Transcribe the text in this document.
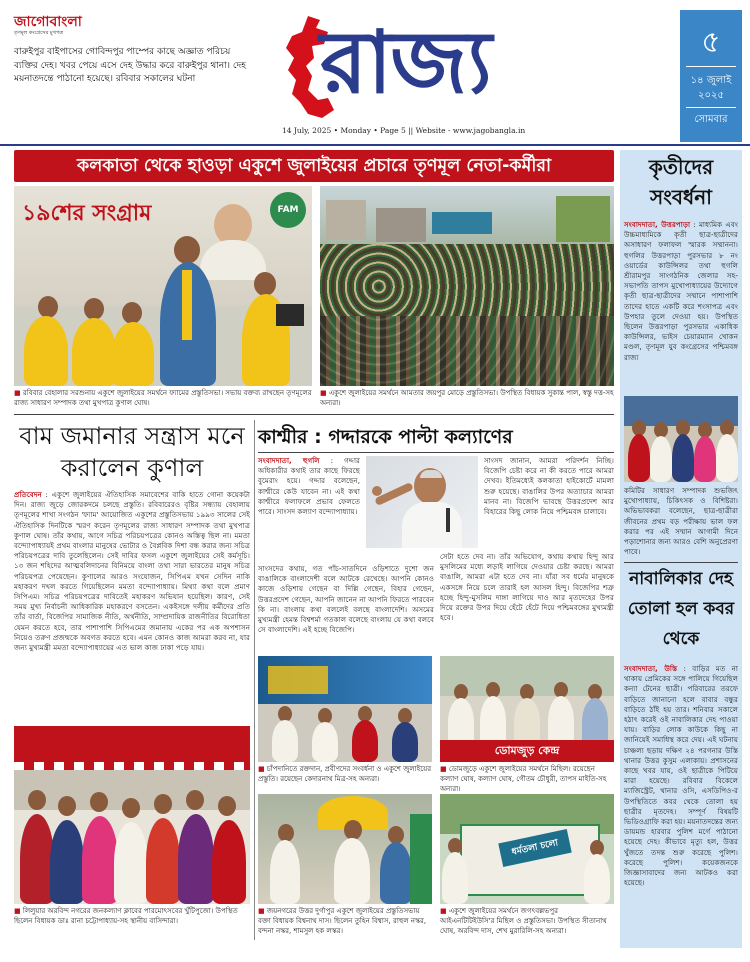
জাগোবাংলা
তৃণমূল কংগ্রেসের মুখপত্র
বারুইপুর বাইপাসের গোবিন্দপুর পাম্পের কাছে অজ্ঞাত পরিচয় ব্যক্তির দেহ। খবর পেয়ে এসে দেহ উদ্ধার করে বারুইপুর থানা। দেহ ময়নাতদন্তে পাঠানো হয়েছে। রবিবার সকালের ঘটনা	রাজ্য
14 July, 2025 • Monday • Page 5 || Website - www.jagobangla.in
৫
১৪ জুলাই
২০২৫
সোমবার
কলকাতা থেকে হাওড়া একুশে জুলাইয়ের প্রচারে তৃণমূল নেতা-কর্মীরা
১৯শের সংগ্রাম	FAM
■ রবিবার বেহালার সরশুনায় একুশে জুলাইয়ের সমর্থনে ফ্যামের প্রস্তুতিসভা। সভায় বক্তব্য রাখছেন তৃণমূলের রাজ্য সাধারণ সম্পাদক তথা মুখপাত্র কুণাল ঘোষ।
■ একুশে জুলাইয়ের সমর্থনে আমতার জয়পুর মোড়ে প্রস্তুতিসভা। উপস্থিত বিধায়ক সুকান্ত পাল, স্বস্তু দত্ত-সহ অন্যরা।
বাম জমানার সন্ত্রাস মনে করালেন কুণাল
প্রতিবেদন : একুশে জুলাইয়ের ঐতিহাসিক সমাবেশের বাকি হাতে গোনা কয়েকটা দিন। রাজ্য জুড়ে জোরকদমে চলছে প্রস্তুতি। রবিবারেরও বৃষ্টির সন্ধ্যায় বেহালায় তৃণমূলের শাখা সংগঠন 'ফ্যাম' আয়োজিত একুশের প্রস্তুতিসভায় ১৯৯৩ সালের সেই ঐতিহাসিক দিনটিকে স্মরণ করেন তৃণমূলের রাজ্য সাধারণ সম্পাদক তথা মুখপাত্র কুণাল ঘোষ। তাঁর কথায়, আগে সচিত্র পরিচয়পত্রের কোনও অস্তিত্ব ছিল না। মমতা বন্দ্যোপাধ্যায়ই প্রথম বাংলার মানুষের ভোটার ও বৈপ্লবিক দিশা বন্ধ করার জন্য সচিত্র পরিচয়পত্রের দাবি তুলেছিলেন। সেই দাবির ফসল একুশে জুলাইয়ের সেই কর্মসূচি। ১৩ জন শহিদের আত্মবলিদানের বিনিময়ে বাংলা তথা সারা ভারতের মানুষ সচিত্র পরিচয়পত্র পেয়েছেন। কুণালের আরও সংযোজন, সিপিএম যখন সেদিন নাকি মহাকরণ দখল করতে গিয়েছিলেন মমতা বন্দ্যোপাধ্যায়। মিথ্যা কথা বলে প্রমাণ সিপিএম। সচিত্র পরিচয়পত্রের দাবিতেই মহাকরণ অভিযান হয়েছিল। কারণ, সেই সময় মুখ্য নির্বাচনী আধিকারিক মহাকরণে বসতেন। একইসঙ্গে দলীয় কর্মীদের প্রতি তাঁর বার্তা, বিজেপির সামাজিক নীতি, অর্থনীতি, সাম্প্রদায়িক রাজনীতির বিরোধিতা যেমন করতে হবে, তার পাশাপাশি সিপিএমের জমানায় একের পর এক অপশাসন নিয়েও তরুণ প্রজন্মকে অবগত করতে হবে। এমন কোনও কাজ আমরা করব না, যার জন্য মুখ্যমন্ত্রী মমতা বন্দ্যোপাধ্যায়ের এত ভাল কাজ ঢাকা পড়ে যায়।
■ লিলুয়ার অরবিন্দ নগরের জনকল্যাণ ক্লাবের পারমোৎসবের খুঁটিপুজো। উপস্থিত ছিলেন বিধায়ক ডাঃ রানা চট্টোপাধ্যায়-সহ স্থানীয় বাসিন্দারা।
কাশ্মীর : গদ্দারকে পাল্টা কল্যাণের
সংবাদদাতা, হুগলি : গদ্দার অধিকারীর কথাই তার কাছে ফিরছে বুমেরাং হয়ে। গদ্দার বলেছেন, কাশ্মীরে কেউ যাবেন না। এই কথা কাশ্মীরে ফলাফলে প্রভাব ফেলতে পারে। সাংসদ কল্যাণ বন্দ্যোপাধ্যায়।
সাংসদ জানান, আমরা পরিদর্শন নিচ্ছি। বিজেপি চেষ্টা করে না কী করতে পারে আমরা দেখব। ইতিমধ্যেই কলকাতা হাইকোর্টে মামলা শুরু হয়েছে। বাঙালির উপর অত্যাচার আমরা মানব না। বিজেপি ভাবছে উত্তরপ্রদেশ আর বিহারের কিছু লোক নিয়ে পশ্চিমবঙ্গ চালাবে।
সাংসদের কথায়, গত পাঁচ-সাতদিনে ওড়িশাতে দুশো জন বাঙালিকে বাংলাদেশী বলে আটকে রেখেছে। আপনি কোনও কাজে ওড়িশায় গেছেন বা দিল্লি গেছেন, বিহার গেছেন, উত্তরপ্রদেশ গেছেন, আপনি জানেন না আপনি ফিরতে পারবেন কি না। বাংলায় কথা বললেই বলছে বাংলাদেশি। অসমের মুখ্যমন্ত্রী হেমন্ত বিশ্বশর্মা গতকাল বলেছে বাংলায় যে কথা বলবে সে বাংলাদেশি। এই হচ্ছে বিজেপি।
সেটা হতে দেব না। তাঁর অভিযোগ, কথায় কথায় হিন্দু আর মুসলিমের মধ্যে লড়াই লাগিয়ে দেওয়ার চেষ্টা করছে। আমরা বাঙালি, আমরা এটা হতে দেব না। যাঁরা সব ধর্মের মানুষকে একসঙ্গে নিয়ে চলে তারাই হল আসল হিন্দু। বিজেপির শত্রু হচ্ছে হিন্দু-মুসলিম দাঙ্গা লাগিয়ে দাও আর মৃতদেহের উপর দিয়ে রক্তের উপর দিয়ে হেঁটে হেঁটে দিয়ে পশ্চিমবঙ্গের মুখ্যমন্ত্রী হবে।
■ চাঁপদানিতে রক্তদান, প্রবীণদের সংবর্ধনা ও একুশে জুলাইয়ের প্রস্তুতি। রয়েছেন কেদারনাথ মিত্র-সহ অন্যরা।
ডোমজুড় কেন্দ্র
■ ডোমজুড়ে একুশে জুলাইয়ের সমর্থনে মিছিল। রয়েছেন কল্যাণ ঘোষ, কল্যাণ ঘোষ, গৌতম চৌধুরী, তাপস মাইতি-সহ অন্যরা।
■ জয়নগরের উত্তর দুর্গাপুর একুশে জুলাইয়ের প্রস্তুতিসভায় বক্তা বিধায়ক বিশ্বনাথ দাস। ছিলেন তুহিন বিশ্বাস, রাহুল নস্কর, বন্দনা নস্কর, শামসুল হক লস্কর।
ধর্মতলা চলো
■ একুশে জুলাইয়ের সমর্থনে জগৎবল্লভপুর আইএনটিটিইউসি'র মিছিল ও প্রস্তুতিসভা। উপস্থিত সীতানাথ ঘোষ, অরবিন্দ দাস, শেখ মুরারিলি-সহ অন্যরা।
কৃতীদের সংবর্ধনা
সংবাদদাতা, উত্তরপাড়া : মাধ্যমিক এবং উচ্চমাধ্যমিকে কৃতী ছাত্র-ছাত্রীদের অসাধারণ ফলাফল স্মারক সম্মাননা। হুগলির উত্তরপাড়া পুরসভার ৮ নং ওয়ার্ডের কাউন্সিলর তথা হুগলি শ্রীরামপুর সাংগঠনিক জেলার সহ-সভাপতি তাপস মুখোপাধ্যায়ের উদ্যোগে কৃতী ছাত্র-ছাত্রীদের সম্মানে পাশাপাশি তাদের হাতে একটি করে শংসাপত্র এবং উপহার তুলে দেওয়া হয়। উপস্থিত ছিলেন উত্তরপাড়া পুরসভার একাধিক কাউন্সিলর, ভাইস চেয়ারম্যান খোকন মণ্ডল, তৃণমূল যুব কংগ্রেসের পশ্চিমবঙ্গ রাজ্য
কমিটির সাধারণ সম্পাদক শুভজিৎ মুখোপাধ্যায়, চিকিৎসক ও বিশিষ্টরা। অভিভাবকরা বলেছেন, ছাত্র-ছাত্রীরা জীবনের প্রথম বড় পরীক্ষায় ভাল ফল করার পর এই সম্মান আগামী দিনে পড়াশোনার জন্য আরও বেশি অনুপ্রেরণা পাবে।
নাবালিকার দেহ তোলা হল কবর থেকে
সংবাদদাতা, উস্তি : বাড়ির মত না থাকায় প্রেমিকের সঙ্গে পালিয়ে গিয়েছিল কন্যা টেনের ছাত্রী। পরিবারের তরফে বাড়িতে জানানো হলে বাবার বন্ধুর বাড়িতে ঠাঁই হয় তার। শনিবার সকালে হঠাৎ করেই ওই নাবালিকার দেহ পাওয়া যায়। বাড়ির লোক কাউকে কিছু না জানিয়েই সমাধিস্থ করে দেয়। এই ঘটনায় চাঞ্চল্য ছড়ায় দক্ষিণ ২৪ পরগনার উস্তি থানার উত্তর কুসুম এলাকায়। প্রশাসনের কাছে খবর যায়, ওই ছাত্রীকে পিটিয়ে মারা হয়েছে। রবিবার বিকেলে ম্যাজিস্ট্রেট, থানার ওসি, এসডিপিও-র উপস্থিতিতে কবর থেকে তোলা হয় ছাত্রীর মৃতদেহ। সম্পূর্ণ বিষয়টি ভিডিওগ্রাফি করা হয়। ময়নাতদন্তের জন্য ডায়মন্ড হারবার পুলিশ মর্গে পাঠানো হয়েছে দেহ। কীভাবে মৃত্যু হল, উত্তর খুঁজতে তদন্ত শুরু করেছে পুলিশ। করেছে পুলিশ। কয়েকজনকে জিজ্ঞাসাবাদের জন্য আটকও করা হয়েছে।
